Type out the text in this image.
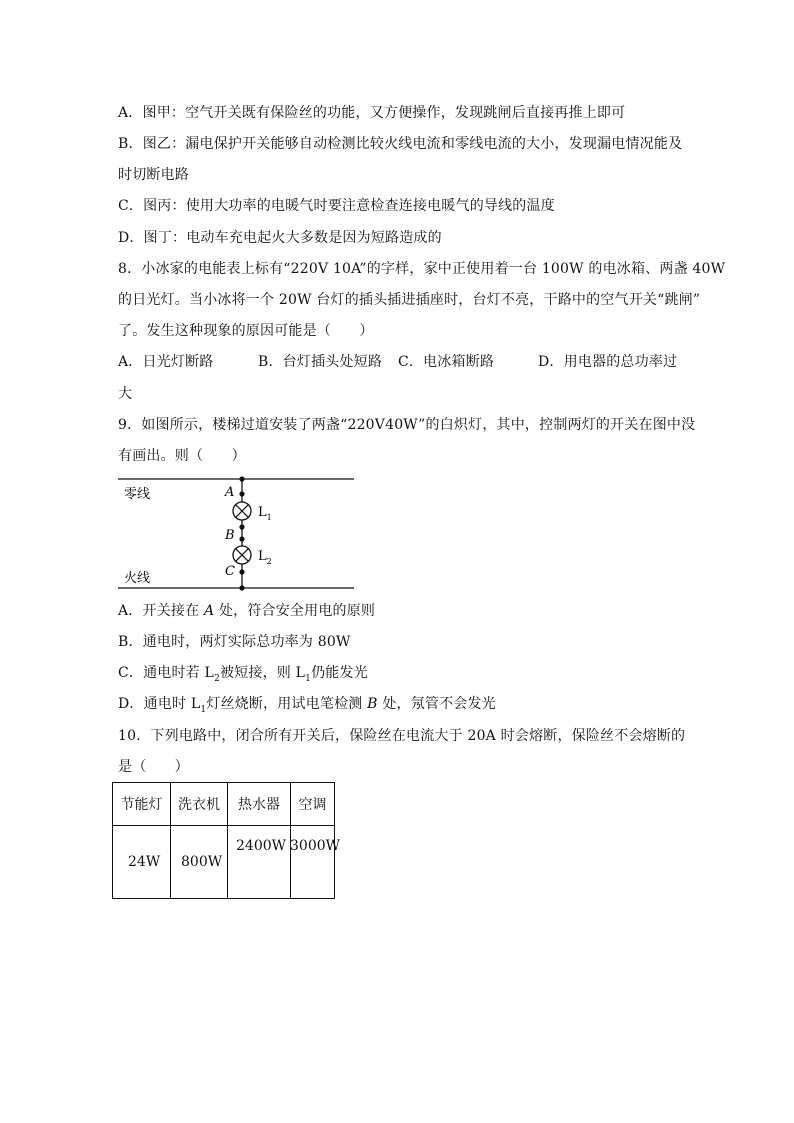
A．图甲：空气开关既有保险丝的功能，又方便操作，发现跳闸后直接再推上即可
B．图乙：漏电保护开关能够自动检测比较火线电流和零线电流的大小，发现漏电情况能及
时切断电路
C．图丙：使用大功率的电暖气时要注意检查连接电暖气的导线的温度
D．图丁：电动车充电起火大多数是因为短路造成的
8．小冰家的电能表上标有“220V 10A”的字样，家中正使用着一台 100W 的电冰箱、两盏 40W
的日光灯。当小冰将一个 20W 台灯的插头插进插座时，台灯不亮，干路中的空气开关“跳闸”
了。发生这种现象的原因可能是（　　）
A．日光灯断路	B．台灯插头处短路 C．电冰箱断路	D．用电器的总功率过
大
9．如图所示，楼梯过道安装了两盏“220V40W”的白炽灯，其中，控制两灯的开关在图中没
有画出。则（　　）
零线
火线
A
$L_1$
B
$L_2$
C
A．开关接在 A 处，符合安全用电的原则
B．通电时，两灯实际总功率为 80W
C．通电时若 $L_2$被短接，则 $L_1$仍能发光
D．通电时 $L_1$灯丝烧断，用试电笔检测 B 处，氖管不会发光
10．下列电路中，闭合所有开关后，保险丝在电流大于 20A 时会熔断，保险丝不会熔断的
是（　　）
节能灯	洗衣机	热水器	空调

24W	800W	2400W	3000W
